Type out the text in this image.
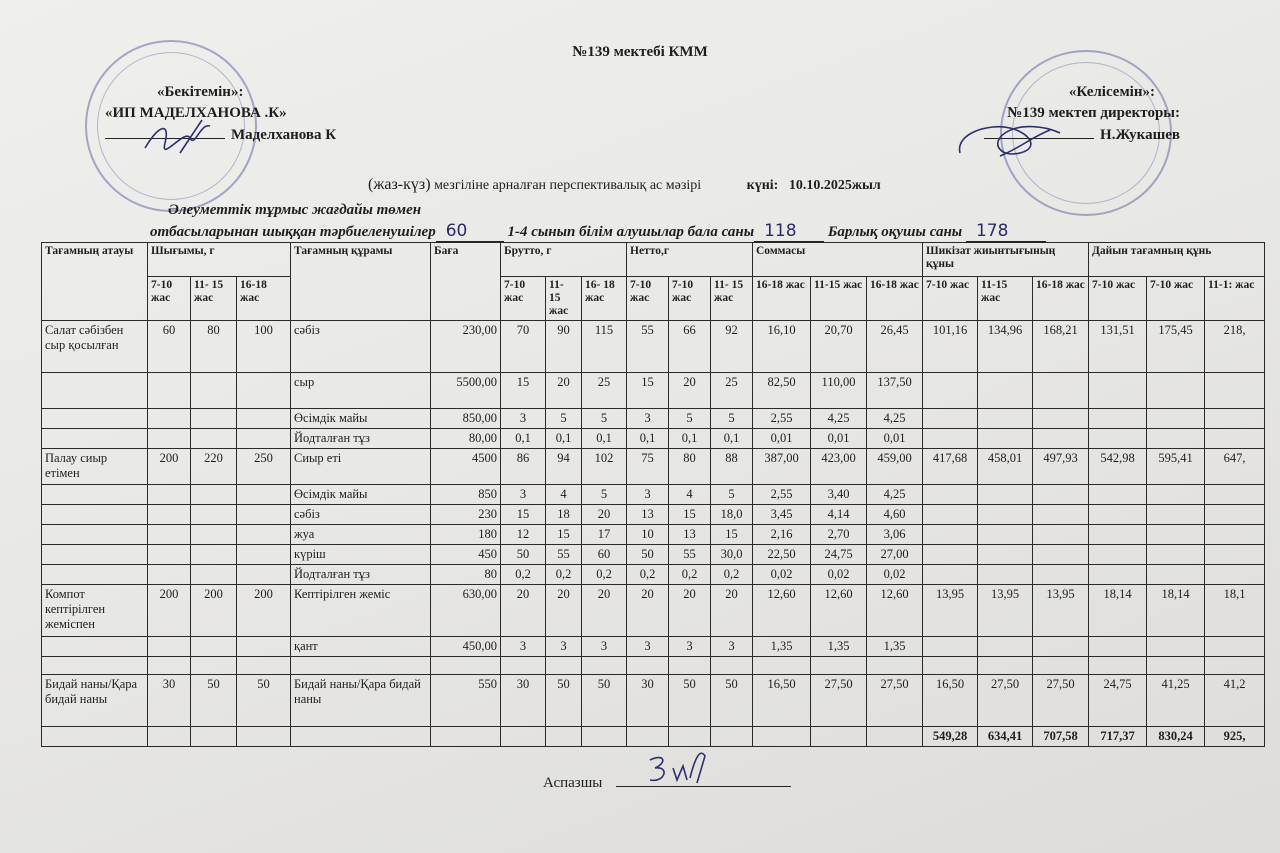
№139 мектебі КММ
«Бекітемін»:
«ИП МАДЕЛХАНОВА .К»
Маделханова К
«Келісемін»:
№139 мектеп директоры:
Н.Жукашев
(жаз-күз) мезгіліне арналған перспективалық ас мәзірі	күні: 10.10.2025жыл
Әлеуметтік тұрмыс жағдайы төмен
отбасыларынан шыққан тәрбиеленушілер 60	1-4 сынып білім алушылар бала саны 118 Барлық оқушы саны 178
Тағамның атауы	Шығымы, г			Тағамның құрамы	Баға	Брутто, г			Нетто,г			Соммасы			Шикізат жиынтығының құны			Дайын тағамның құнь		
	7-10 жас	11- 15 жас	16-18 жас			7-10 жас	11- 15 жас	16- 18 жас	7-10 жас	7-10 жас	11- 15 жас	16-18 жас	11-15 жас	16-18 жас	7-10 жас	11-15 жас	16-18 жас	7-10 жас	7-10 жас	11-1: жас
Салат сәбізбен сыр қосылған	60	80	100	сәбіз	230,00	70	90	115	55	66	92	16,10	20,70	26,45	101,16	134,96	168,21	131,51	175,45	218,
				сыр	5500,00	15	20	25	15	20	25	82,50	110,00	137,50						
				Өсімдік майы	850,00	3	5	5	3	5	5	2,55	4,25	4,25						
				Йодталған тұз	80,00	0,1	0,1	0,1	0,1	0,1	0,1	0,01	0,01	0,01						
Палау сиыр етімен	200	220	250	Сиыр еті	4500	86	94	102	75	80	88	387,00	423,00	459,00	417,68	458,01	497,93	542,98	595,41	647,
				Өсімдік майы	850	3	4	5	3	4	5	2,55	3,40	4,25						
				сәбіз	230	15	18	20	13	15	18,0	3,45	4,14	4,60						
				жуа	180	12	15	17	10	13	15	2,16	2,70	3,06						
				күріш	450	50	55	60	50	55	30,0	22,50	24,75	27,00						
				Йодталған тұз	80	0,2	0,2	0,2	0,2	0,2	0,2	0,02	0,02	0,02						
Компот кептірілген жеміспен	200	200	200	Кептірілген жеміс	630,00	20	20	20	20	20	20	12,60	12,60	12,60	13,95	13,95	13,95	18,14	18,14	18,1
				қант	450,00	3	3	3	3	3	3	1,35	1,35	1,35						

Бидай наны/Қара бидай наны	30	50	50	Бидай наны/Қара бидай наны	550	30	50	50	30	50	50	16,50	27,50	27,50	16,50	27,50	27,50	24,75	41,25	41,2
															549,28	634,41	707,58	717,37	830,24	925,
Аспазшы
